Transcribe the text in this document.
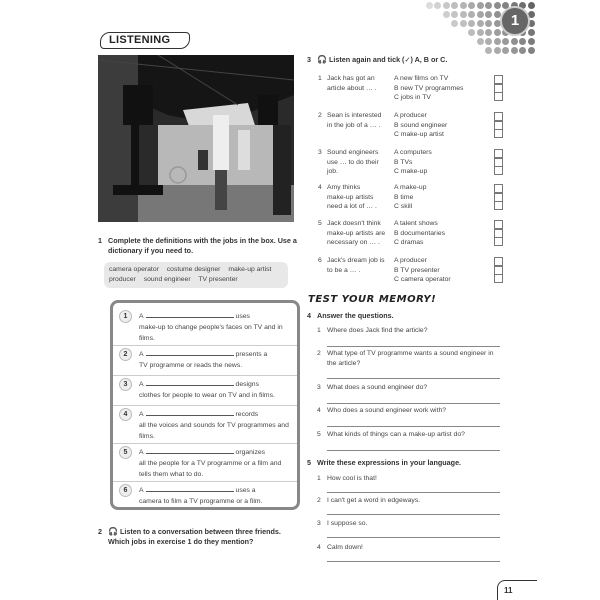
1
LISTENING
1 Complete the definitions with the jobs in the box. Use a
dictionary if you need to.
camera operator costume designer make-up artist
producer sound engineer TV presenter
1	A	uses
make-up to change people's faces on TV and in films.
2	A	presents a
TV programme or reads the news.
3	A	designs
clothes for people to wear on TV and in films.
4	A	records
all the voices and sounds for TV programmes and films.
5	A	organizes
all the people for a TV programme or a film and tells them what to do.
6	A	uses a
camera to film a TV programme or a film.
2 🎧 Listen to a conversation between three friends.
Which jobs in exercise 1 do they mention?
3 🎧 Listen again and tick (✓) A, B or C.
1 Jack has got an
article about … .
A new films on TV
B new TV programmes
C jobs in TV
2 Sean is interested
in the job of a … .
A producer
B sound engineer
C make-up artist
3 Sound engineers
use … to do their
job.
A computers
B TVs
C make-up
4 Amy thinks
make-up artists
need a lot of … .
A make-up
B time
C skill
5 Jack doesn't think
make-up artists are
necessary on … .
A talent shows
B documentaries
C dramas
6 Jack's dream job is
to be a … .
A producer
B TV presenter
C camera operator
TEST YOUR MEMORY!
4 Answer the questions.
1 Where does Jack find the article?
2 What type of TV programme wants a sound engineer in
the article?
3 What does a sound engineer do?
4 Who does a sound engineer work with?
5 What kinds of things can a make-up artist do?
5 Write these expressions in your language.
1 How cool is that!
2 I can't get a word in edgeways.
3 I suppose so.
4 Calm down!
11
